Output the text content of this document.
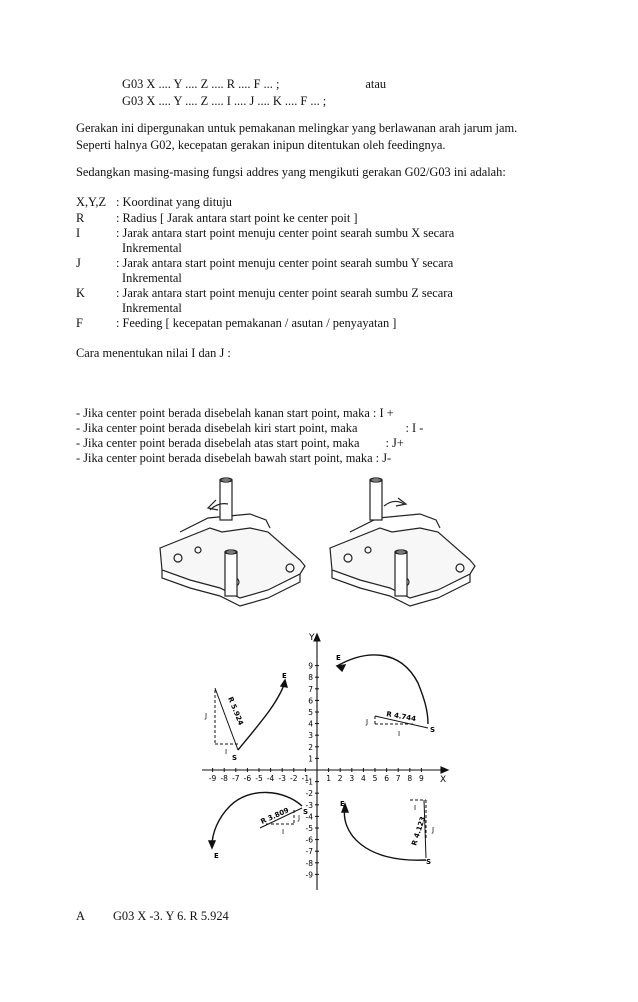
G03 X .... Y .... Z .... R .... F ... ;	atau
G03 X .... Y .... Z .... I .... J .... K .... F ... ;
Gerakan ini dipergunakan untuk pemakanan melingkar yang berlawanan arah jarum jam.
Seperti halnya G02, kecepatan gerakan inipun ditentukan oleh feedingnya.
Sedangkan masing-masing fungsi addres yang mengikuti gerakan G02/G03 ini adalah:
X,Y,Z : Koordinat yang dituju
R	: Radius [ Jarak antara start point ke center poit ]
I	: Jarak antara start point menuju center point searah sumbu X secara
Inkremental
J	: Jarak antara start point menuju center point searah sumbu Y secara
Inkremental
K	: Jarak antara start point menuju center point searah sumbu Z secara
Inkremental
F	: Feeding [ kecepatan pemakanan / asutan / penyayatan ]
Cara menentukan nilai I dan J :
- Jika center point berada disebelah kanan start point, maka : I +
- Jika center point berada disebelah kiri start point, maka	: I -
- Jika center point berada disebelah atas start point, maka : J+
- Jika center point berada disebelah bawah start point, maka : J-
-9 -8 -7 -6 -5 -4 -3 -2 -1 1 2 3 4 5 6 7 8 9
9
8
7
6
5
4
3
2
1
-1
-2
-3
-4
-5
-6
-7
-8
-9
X
Y
R 5.924
S
E
I
J	R 4.744
E
S
I
J
R 3.809 S
E
I
J	R 4.123
E
S
I
J
A G03 X -3. Y 6. R 5.924
